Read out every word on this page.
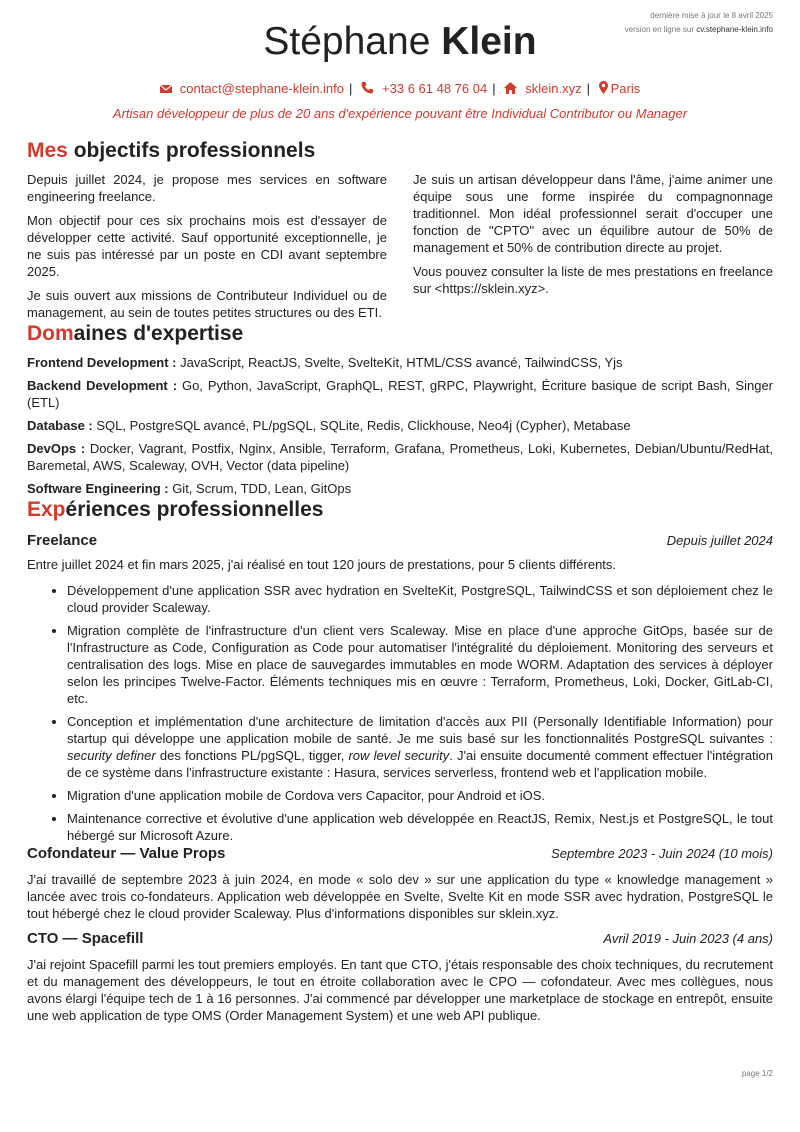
dernière mise à jour le 8 avril 2025
version en ligne sur cv.stephane-klein.info
Stéphane Klein
contact@stephane-klein.info | +33 6 61 48 76 04 | sklein.xyz | Paris
Artisan développeur de plus de 20 ans d'expérience pouvant être Individual Contributor ou Manager
Mes objectifs professionnels

Depuis juillet 2024, je propose mes services en software engineering freelance.

Mon objectif pour ces six prochains mois est d'essayer de développer cette activité. Sauf opportunité exceptionnelle, je ne suis pas intéressé par un poste en CDI avant septembre 2025.

Je suis ouvert aux missions de Contributeur Individuel ou de management, au sein de toutes petites structures ou des ETI.

Je suis un artisan développeur dans l'âme, j'aime animer une équipe sous une forme inspirée du compagnonnage traditionnel. Mon idéal professionnel serait d'occuper une fonction de "CPTO" avec un équilibre autour de 50% de management et 50% de contribution directe au projet.

Vous pouvez consulter la liste de mes prestations en freelance sur <https://sklein.xyz>.

Domaines d'expertise

Frontend Development : JavaScript, ReactJS, Svelte, SvelteKit, HTML/CSS avancé, TailwindCSS, Yjs

Backend Development : Go, Python, JavaScript, GraphQL, REST, gRPC, Playwright, Écriture basique de script Bash, Singer (ETL)

Database : SQL, PostgreSQL avancé, PL/pgSQL, SQLite, Redis, Clickhouse, Neo4j (Cypher), Metabase

DevOps : Docker, Vagrant, Postfix, Nginx, Ansible, Terraform, Grafana, Prometheus, Loki, Kubernetes, Debian/Ubuntu/RedHat, Baremetal, AWS, Scaleway, OVH, Vector (data pipeline)

Software Engineering : Git, Scrum, TDD, Lean, GitOps

Expériences professionnelles
Freelance	Depuis juillet 2024

Entre juillet 2024 et fin mars 2025, j'ai réalisé en tout 120 jours de prestations, pour 5 clients différents.

• Développement d'une application SSR avec hydration en SvelteKit, PostgreSQL, TailwindCSS et son déploiement chez le cloud provider Scaleway.
• Migration complète de l'infrastructure d'un client vers Scaleway. Mise en place d'une approche GitOps, basée sur de l'Infrastructure as Code, Configuration as Code pour automatiser l'intégralité du déploiement. Monitoring des serveurs et centralisation des logs. Mise en place de sauvegardes immutables en mode WORM. Adaptation des services à déployer selon les principes Twelve-Factor. Éléments techniques mis en œuvre : Terraform, Prometheus, Loki, Docker, GitLab-CI, etc.
• Conception et implémentation d'une architecture de limitation d'accès aux PII (Personally Identifiable Information) pour startup qui développe une application mobile de santé. Je me suis basé sur les fonctionnalités PostgreSQL suivantes : security definer des fonctions PL/pgSQL, tigger, row level security. J'ai ensuite documenté comment effectuer l'intégration de ce système dans l'infrastructure existante : Hasura, services serverless, frontend web et l'application mobile.
• Migration d'une application mobile de Cordova vers Capacitor, pour Android et iOS.
• Maintenance corrective et évolutive d'une application web développée en ReactJS, Remix, Nest.js et PostgreSQL, le tout hébergé sur Microsoft Azure.
Cofondateur — Value Props	Septembre 2023 - Juin 2024 (10 mois)

J'ai travaillé de septembre 2023 à juin 2024, en mode « solo dev » sur une application du type « knowledge management » lancée avec trois co-fondateurs. Application web développée en Svelte, Svelte Kit en mode SSR avec hydration, PostgreSQL le tout hébergé chez le cloud provider Scaleway. Plus d'informations disponibles sur sklein.xyz.

CTO — Spacefill	Avril 2019 - Juin 2023 (4 ans)

J'ai rejoint Spacefill parmi les tout premiers employés. En tant que CTO, j'étais responsable des choix techniques, du recrutement et du management des développeurs, le tout en étroite collaboration avec le CPO — cofondateur. Avec mes collègues, nous avons élargi l'équipe tech de 1 à 16 personnes. J'ai commencé par développer une marketplace de stockage en entrepôt, ensuite une web application de type OMS (Order Management System) et une web API publique.

page 1/2
